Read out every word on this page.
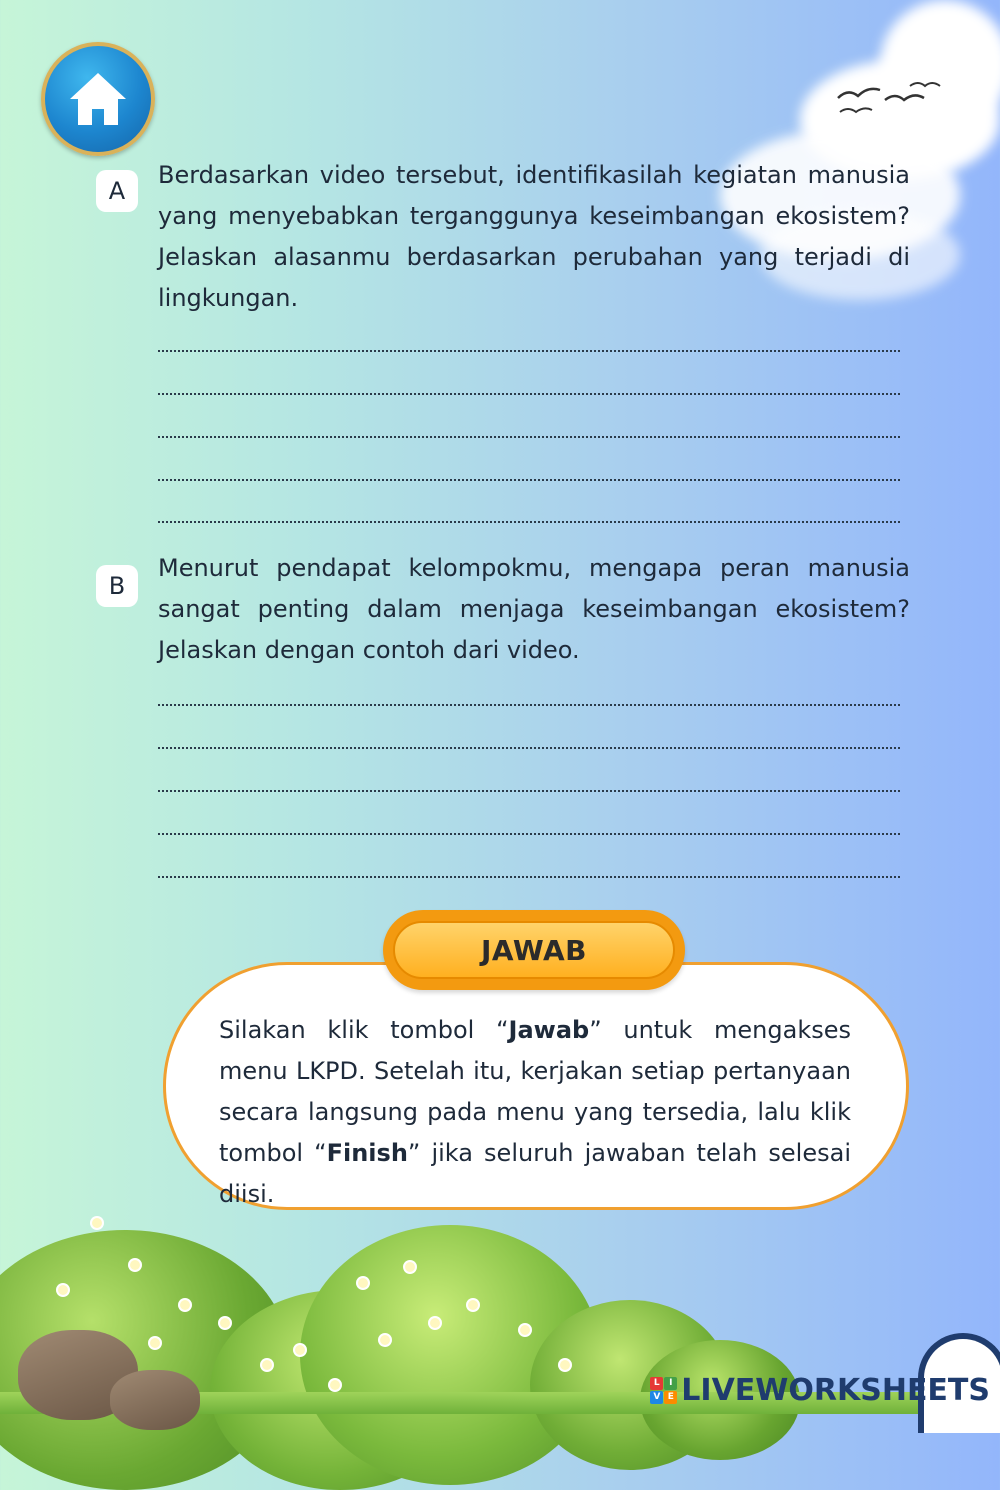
A
Berdasarkan video tersebut, identifikasilah kegiatan manusia yang menyebabkan terganggunya keseimbangan ekosistem? Jelaskan alasanmu berdasarkan perubahan yang terjadi di lingkungan.
B
Menurut pendapat kelompokmu, mengapa peran manusia sangat penting dalam menjaga keseimbangan ekosistem? Jelaskan dengan contoh dari video.
Silakan klik tombol “Jawab” untuk mengakses menu LKPD. Setelah itu, kerjakan setiap pertanyaan secara langsung pada menu yang tersedia, lalu klik tombol “Finish” jika seluruh jawaban telah selesai diisi.
JAWAB
L	I
V E LIVEWORKSHEETS
